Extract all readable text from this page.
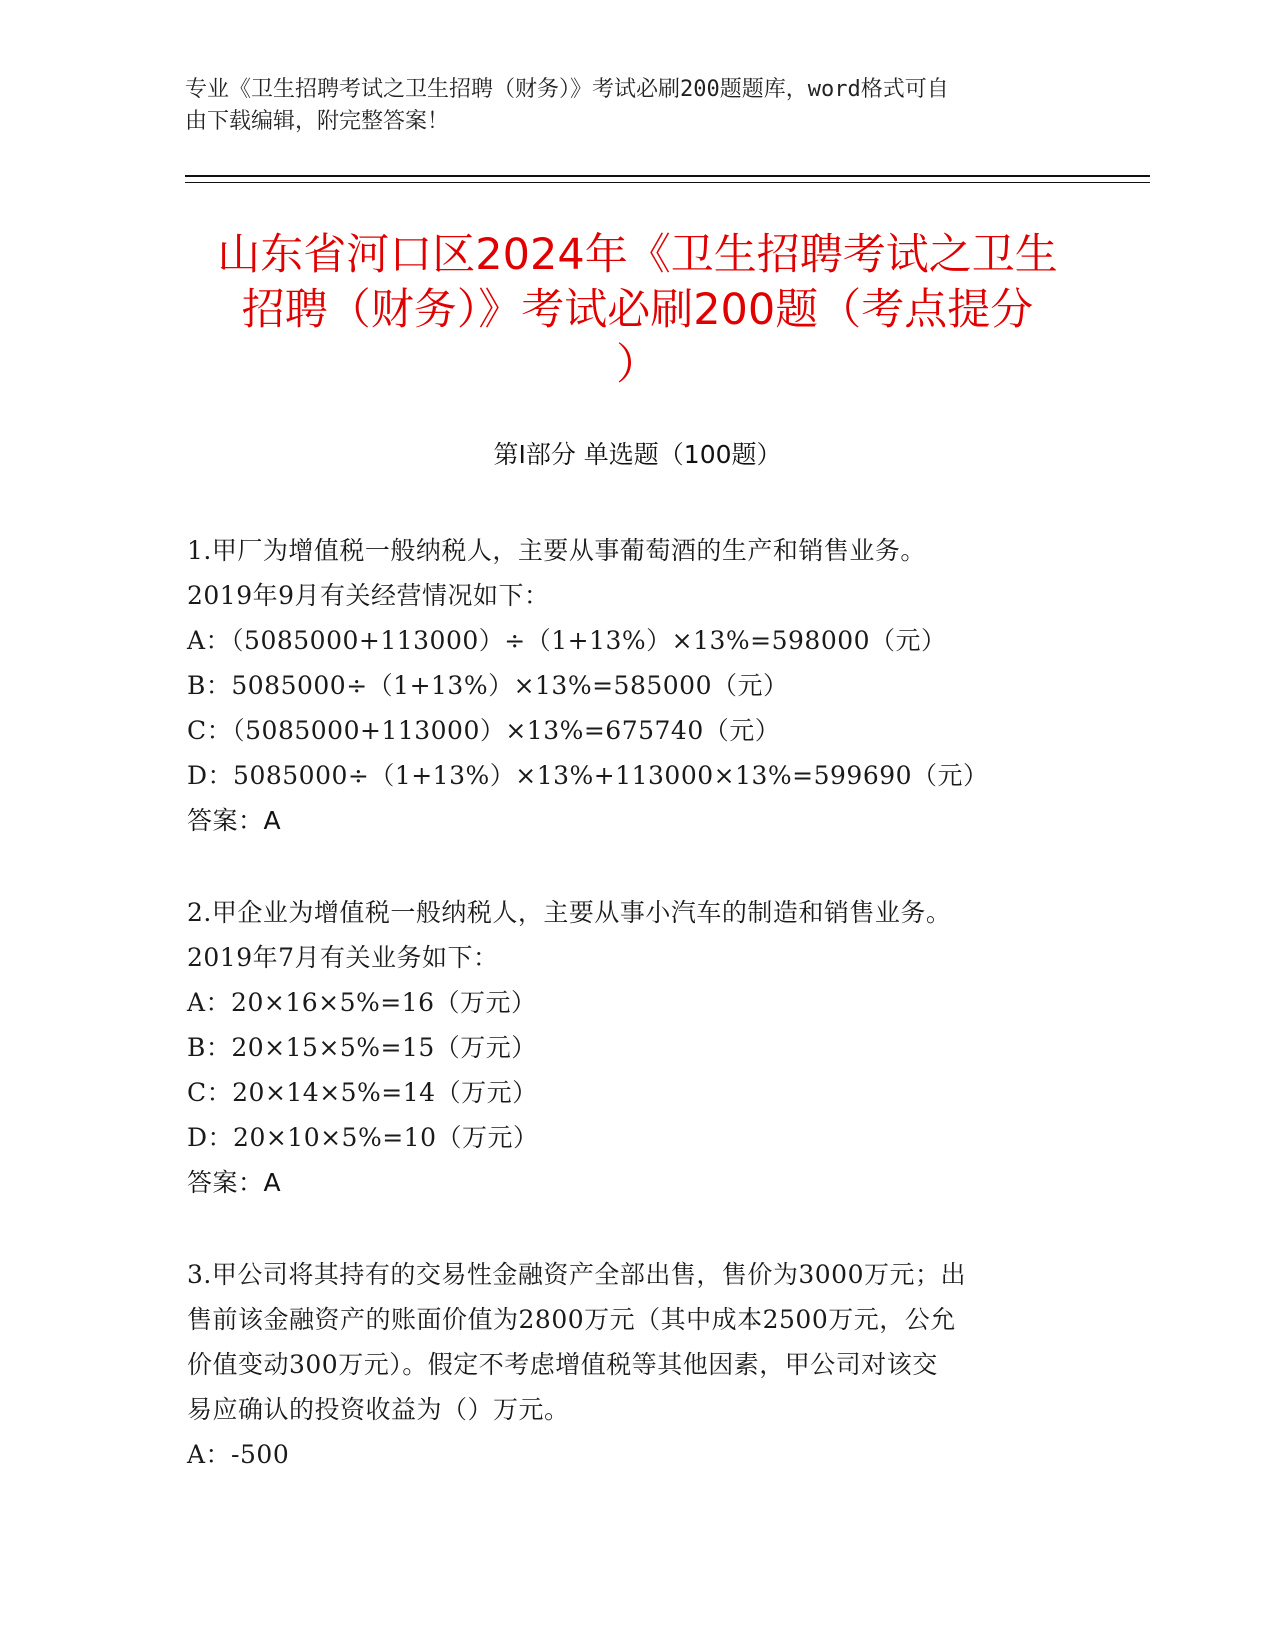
专业《卫生招聘考试之卫生招聘（财务）》考试必刷200题题库，word格式可自
由下载编辑，附完整答案！
山东省河口区2024年《卫生招聘考试之卫生
招聘（财务）》考试必刷200题（考点提分
）
第I部分 单选题（100题）
1.甲厂为增值税一般纳税人，主要从事葡萄酒的生产和销售业务。
2019年9月有关经营情况如下：
A：（5085000+113000）÷（1+13%）×13%=598000（元）
B：5085000÷（1+13%）×13%=585000（元）
C：（5085000+113000）×13%=675740（元）
D：5085000÷（1+13%）×13%+113000×13%=599690（元）
答案：A
2.甲企业为增值税一般纳税人，主要从事小汽车的制造和销售业务。
2019年7月有关业务如下：
A：20×16×5%=16（万元）
B：20×15×5%=15（万元）
C：20×14×5%=14（万元）
D：20×10×5%=10（万元）
答案：A
3.甲公司将其持有的交易性金融资产全部出售，售价为3000万元；出
售前该金融资产的账面价值为2800万元（其中成本2500万元，公允
价值变动300万元）。假定不考虑增值税等其他因素，甲公司对该交
易应确认的投资收益为（）万元。
A：-500
